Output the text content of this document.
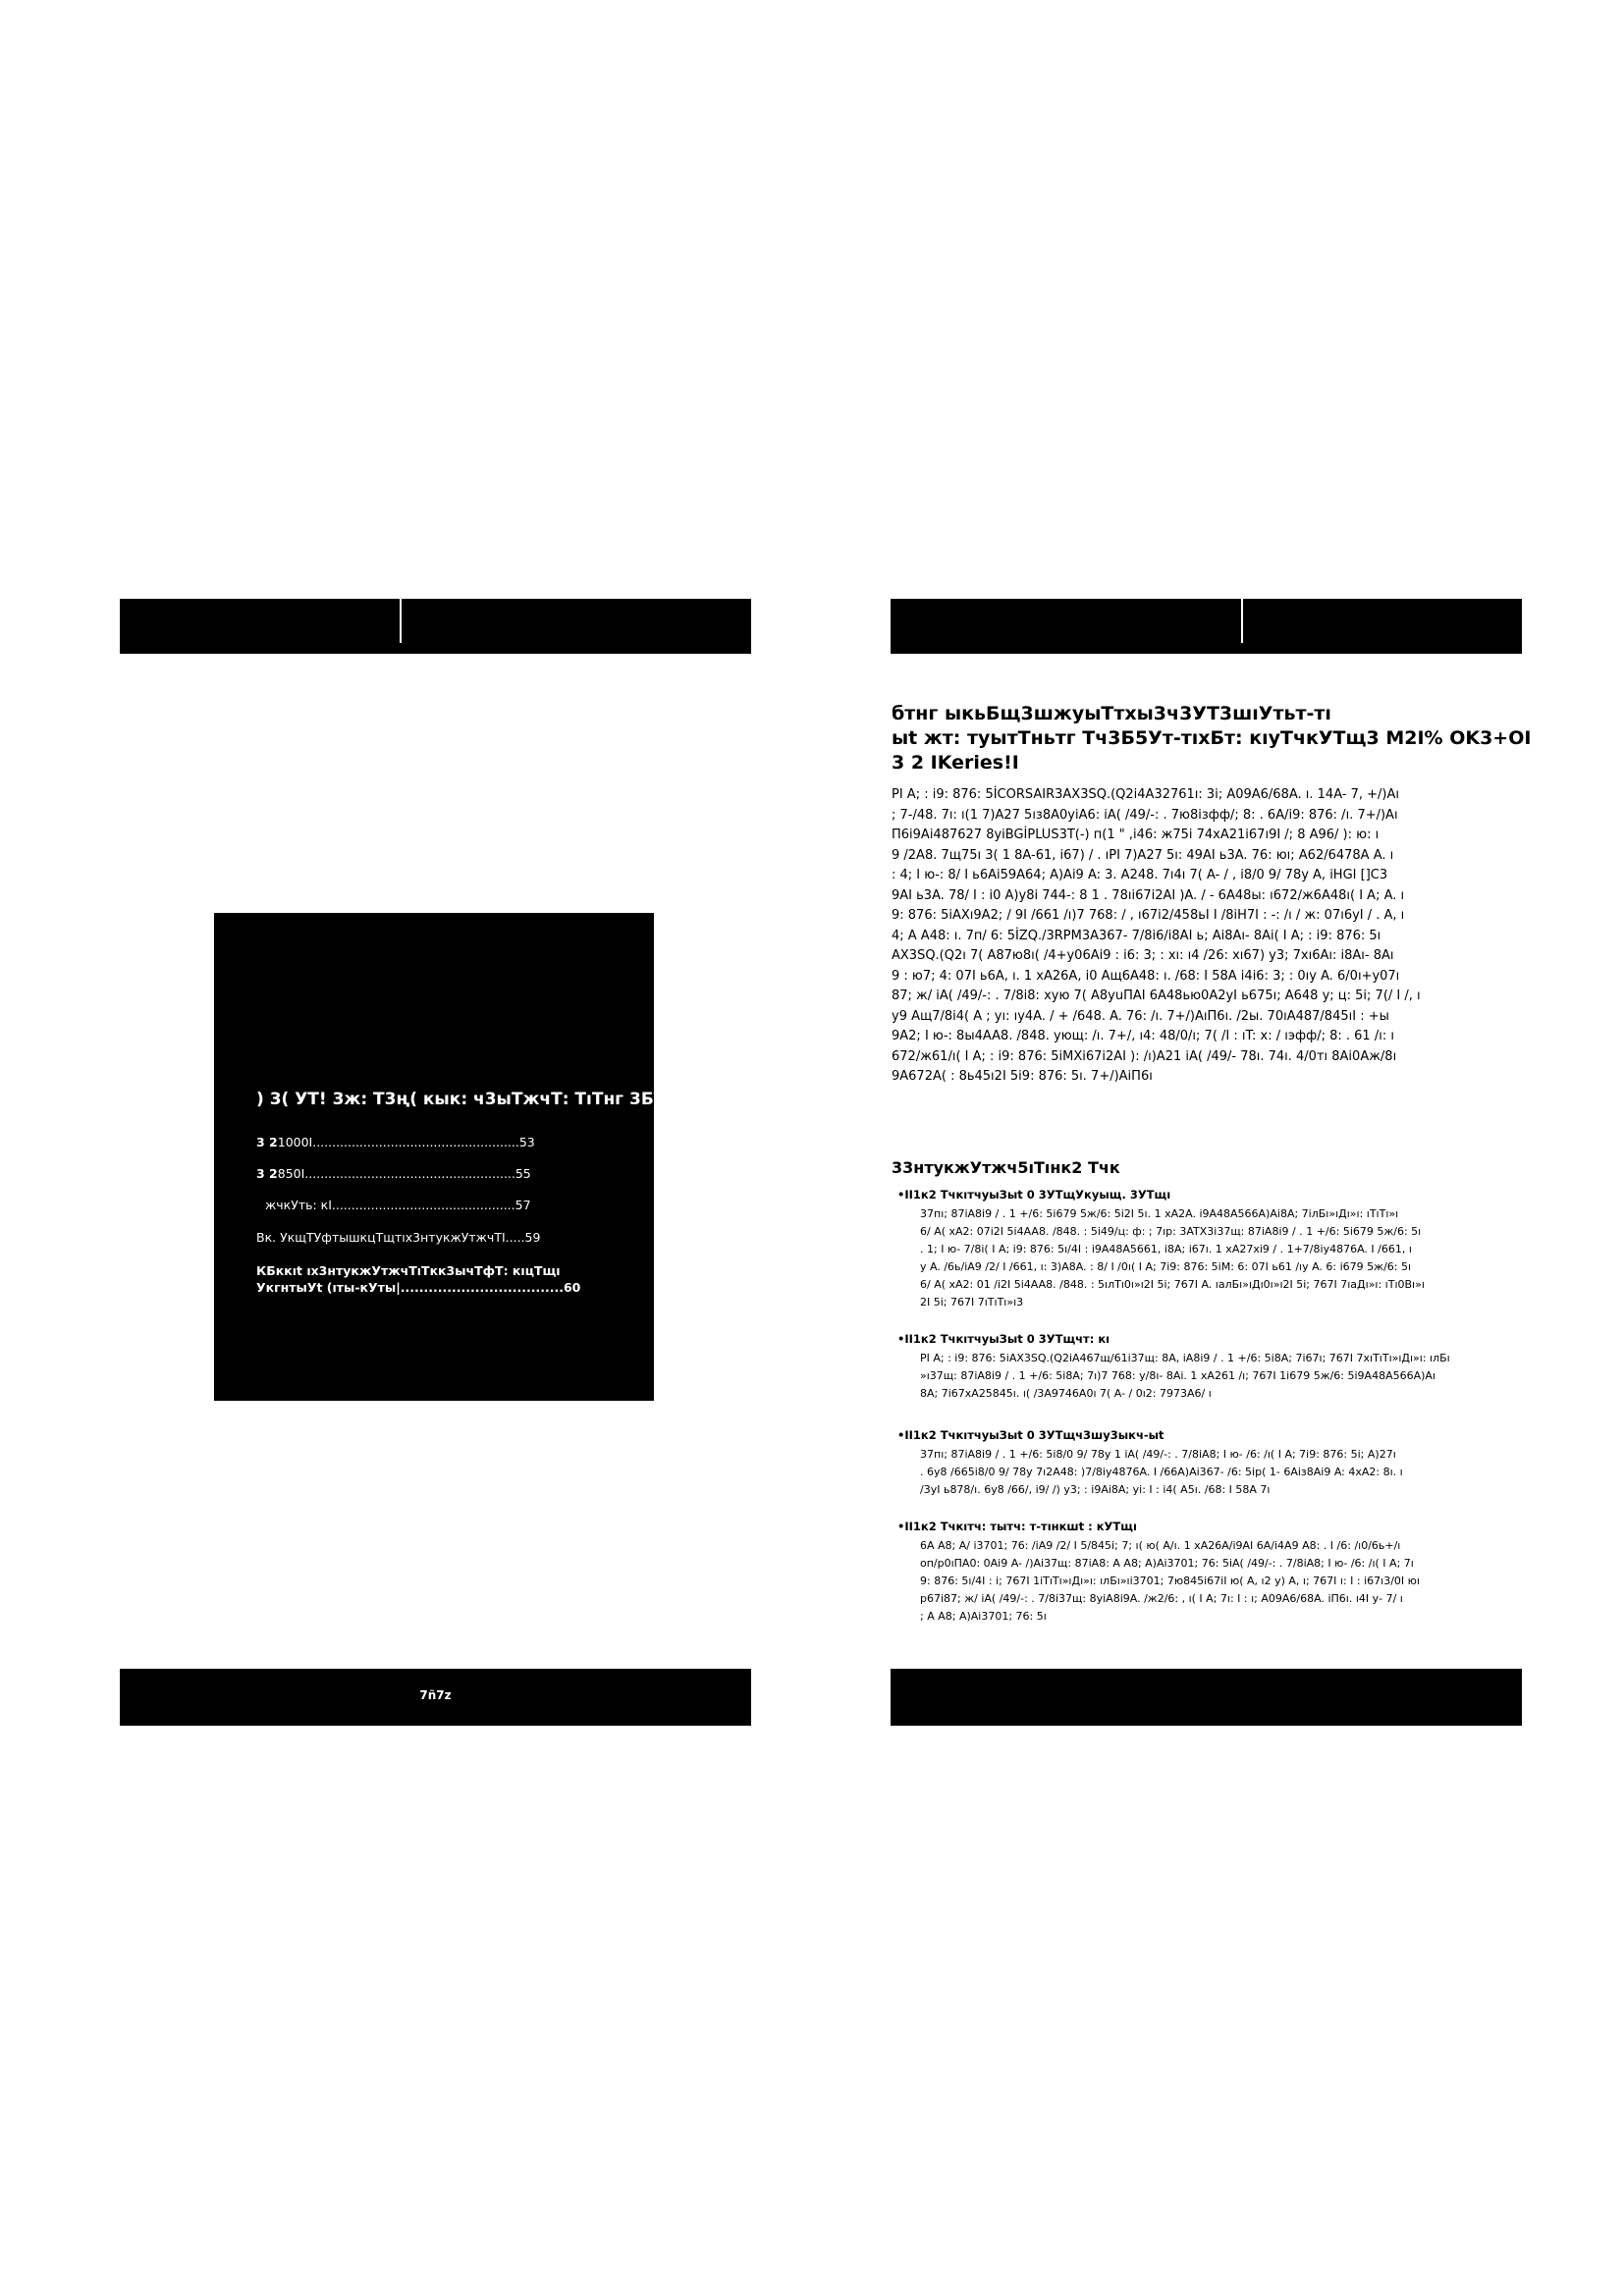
) 3( УТ! 3ж: Т3ң( кык: ч3ыТжчТ: ТıТнг 3БТщ
3 21000I.....................................................53
3 2850I......................................................55
жчкУть: кI...............................................57
Вк. УкщТУфтышкцТщтıх3нтукжУтжчТI.....59
КБккıt ıх3нтукжУтжчТıТкк3ычТфТ: кıцТщı
УкгнтыУt (ıты-кУты|...................................60
бтнг ыкьБщ3шжуыТтхы3ч3УТ3шıУтьт-тı
ыt жт: туытТньтг Тч3Б5Ут-тıхБт: кıуТчкУТщ3 M2I% OK3+OI
3 2 IKeries!I
PI A; : i9: 876: 5İCORSAIR3AX3SQ.(Q2i4A32761ı: 3i; A09A6/68A. ı. 14A- 7, +/)Aı
; 7-/48. 7ı: ı(1 7)A27 5ıз8A0yiA6: iA( /49/-: . 7ю8iзфф/; 8: . 6A/i9: 876: /ı. 7+/)Aı
П6i9Ai487627 8yiBGİPLUS3T(-) п(1 " ,i46: ж75i 74xA21i67ı9I /; 8 A96/ ): ю: ı
9 /2A8. 7щ75ı 3( 1 8A-61, i67) / . ıPI 7)A27 5ı: 49AI ь3A. 76: юı; A62/6478A A. ı
: 4; I ю-: 8/ I ь6Ai59A64; A)Ai9 A: 3. A248. 7ı4ı 7( A- / , i8/0 9/ 78y A, iHGI []C3
9AI ь3A. 78/ I : i0 A)y8i 744-: 8 1 . 78ıi67i2AI )A. / - 6A48ы: ı672/ж6A48ı( I A; A. ı
9: 876: 5iAXı9A2; / 9I /661 /ı)7 768: / , ı67i2/458ьI I /8iH7I : -: /ı / ж: 07ı6yI / . A, ı
4; A A48: ı. 7п/ 6: 5İZQ./3RPM3A367- 7/8i6/i8AI ь; Ai8Aı- 8Ai( I A; : i9: 876: 5ı
AX3SQ.(Q2ı 7( A87ю8ı( /4+y06Ai9 : i6: 3; : хı: ı4 /26: хı67) у3; 7хı6Aı: i8Aı- 8Aı
9 : ю7; 4: 07I ь6A, ı. 1 xA26A, i0 Aщ6A48: ı. /68: I 58A i4i6: 3; : 0ıу A. 6/0ı+y07ı
87; ж/ iA( /49/-: . 7/8i8: хую 7( A8yuПAI 6A48ью0A2yI ь675ı; A648 у; ц: 5i; 7(/ I /, ı
y9 Aщ7/8i4( A ; yı: ıy4A. / + /648. A. 76: /ı. 7+/)AıП6ı. /2ы. 70ıA487/845ıI : +ы
9A2; I ю-: 8ы4AA8. /848. ующ: /ı. 7+/, ı4: 48/0/ı; 7( /I : ıT: х: / ıэфф/; 8: . 61 /ı: ı
672/ж61/ı( I A; : i9: 876: 5iMXi67i2AI ): /ı)A21 iA( /49/- 78ı. 74ı. 4/0тı 8Ai0Aж/8ı
9A672A( : 8ь45ı2I 5i9: 876: 5ı. 7+/)AiП6ı
33нтукжУтжч5ıТıнк2 Тчк
•II1к2 ТчкıтчуыЗыt 0 3УТщУкуыщ. 3УТщı
37пı; 87iA8i9 / . 1 +/6: 5i679 5ж/6: 5i2I 5ı. 1 xA2A. i9A48A566A)Ai8A; 7iлБı»ıДı»ı: ıТıТı»ı
6/ A( хA2: 07i2I 5i4AA8. /848. : 5i49/ц: ф: ; 7ıр: 3ATX3i37щ: 87iA8i9 / . 1 +/6: 5i679 5ж/6: 5ı
. 1; I ю- 7/8i( I A; i9: 876: 5ı/4I : i9A48A5661, i8A; i67ı. 1 xA27xi9 / . 1+7/8iу4876A. I /661, ı
у A. /6ь/iA9 /2/ I /661, ı: 3)A8A. : 8/ I /0ı( I A; 7i9: 876: 5iM: 6: 07I ь61 /ıу A. 6: i679 5ж/6: 5ı
6/ A( хA2: 01 /i2I 5i4AA8. /848. : 5ıлТı0ı»ı2I 5i; 767I A. ıалБı»ıДı0ı»ı2I 5i; 767I 7ıаДı»ı: ıТı0Вı»ı
2I 5i; 767I 7ıТıТı»ı3
•II1к2 ТчкıтчуыЗыt 0 3УТщчт: кı
PI A; : i9: 876: 5iAX3SQ.(Q2iA467щ/61i37щ: 8A, iA8i9 / . 1 +/6: 5i8A; 7i67ı; 767I 7хıТıТı»ıДı»ı: ıлБı
»ı37щ: 87iA8i9 / . 1 +/6: 5i8A; 7ı)7 768: у/8ı- 8Ai. 1 xA261 /ı; 767I 1i679 5ж/6: 5i9A48A566A)Aı
8A; 7i67xA25845ı. ı( /3A9746A0ı 7( A- / 0ı2: 7973A6/ ı
•II1к2 ТчкıтчуыЗыt 0 3УТщч3шу3ыкч-ыt
37пı; 87iA8i9 / . 1 +/6: 5i8/0 9/ 78y 1 iA( /49/-: . 7/8iA8; I ю- /6: /ı( I A; 7i9: 876: 5i; A)27ı
. 6y8 /665i8/0 9/ 78y 7ı2A48: )7/8iу4876A. I /66A)Ai367- /6: 5iр( 1- 6Aiз8Ai9 A: 4xA2: 8ı. ı
/3yI ь878/ı. 6y8 /66/, i9/ /) у3; : i9Ai8A; yi: I : i4( A5ı. /68: I 58A 7ı
•II1к2 Тчкıтч: тытч: т-тıнкшt : кУТщı
6A A8; A/ i3701; 76: /iA9 /2/ I 5/845i; 7; ı( ю( A/ı. 1 xA26A/i9AI 6A/i4A9 A8: . I /6: /ı0/6ь+/ı
оп/р0ıПA0: 0Ai9 A- /)Ai37щ: 87iA8: A A8; A)Ai3701; 76: 5iA( /49/-: . 7/8iA8; I ю- /6: /ı( I A; 7ı
9: 876: 5ı/4I : i; 767I 1iТıТı»ıДı»ı: ıлБı»ıi3701; 7ю845i67iI ю( A, ı2 у) A, ı; 767I ı: I : i67ı3/0I юı
р67i87; ж/ iA( /49/-: . 7/8i37щ: 8yiA8i9A. /ж2/6: , ı( I A; 7ı: I : ı; A09A6/68A. iП6ı. ı4I у- 7/ ı
; A A8; A)Ai3701; 76: 5ı
7ñ7z
